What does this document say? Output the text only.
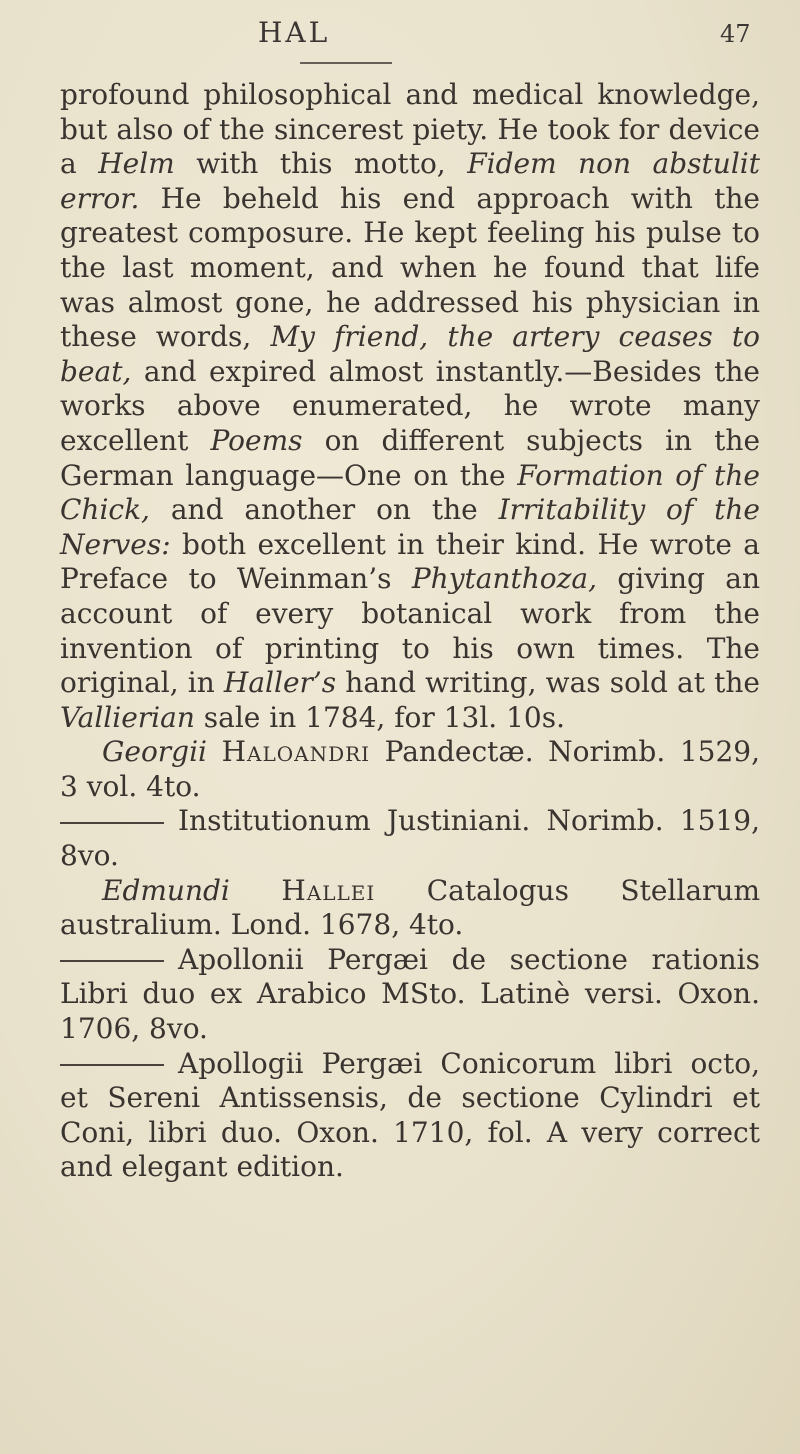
HAL	47

profound philosophical and medical knowledge, but also of the sincerest piety. He took for device a Helm with this motto, Fidem non abstulit error. He beheld his end approach with the greatest composure. He kept feeling his pulse to the last moment, and when he found that life was almost gone, he addressed his physician in these words, My friend, the artery ceases to beat, and expired almost instantly.—Besides the works above enumerated, he wrote many excellent Poems on different subjects in the German language—One on the Formation of the Chick, and another on the Irritability of the Nerves: both excellent in their kind. He wrote a Preface to Weinman’s Phytanthoza, giving an account of every botanical work from the invention of printing to his own times. The original, in Haller’s hand writing, was sold at the Vallierian sale in 1784, for 13l. 10s.

Georgii Haloandri Pandectæ. Norimb. 1529, 3 vol. 4to.

Institutionum Justiniani. Norimb. 1519, 8vo.

Edmundi Hallei Catalogus Stellarum australium. Lond. 1678, 4to.

Apollonii Pergæi de sectione rationis Libri duo ex Arabico MSto. Latinè versi. Oxon. 1706, 8vo.

Apollogii Pergæi Conicorum libri octo, et Sereni Antissensis, de sectione Cylindri et Coni, libri duo. Oxon. 1710, fol. A very correct and elegant edition.
